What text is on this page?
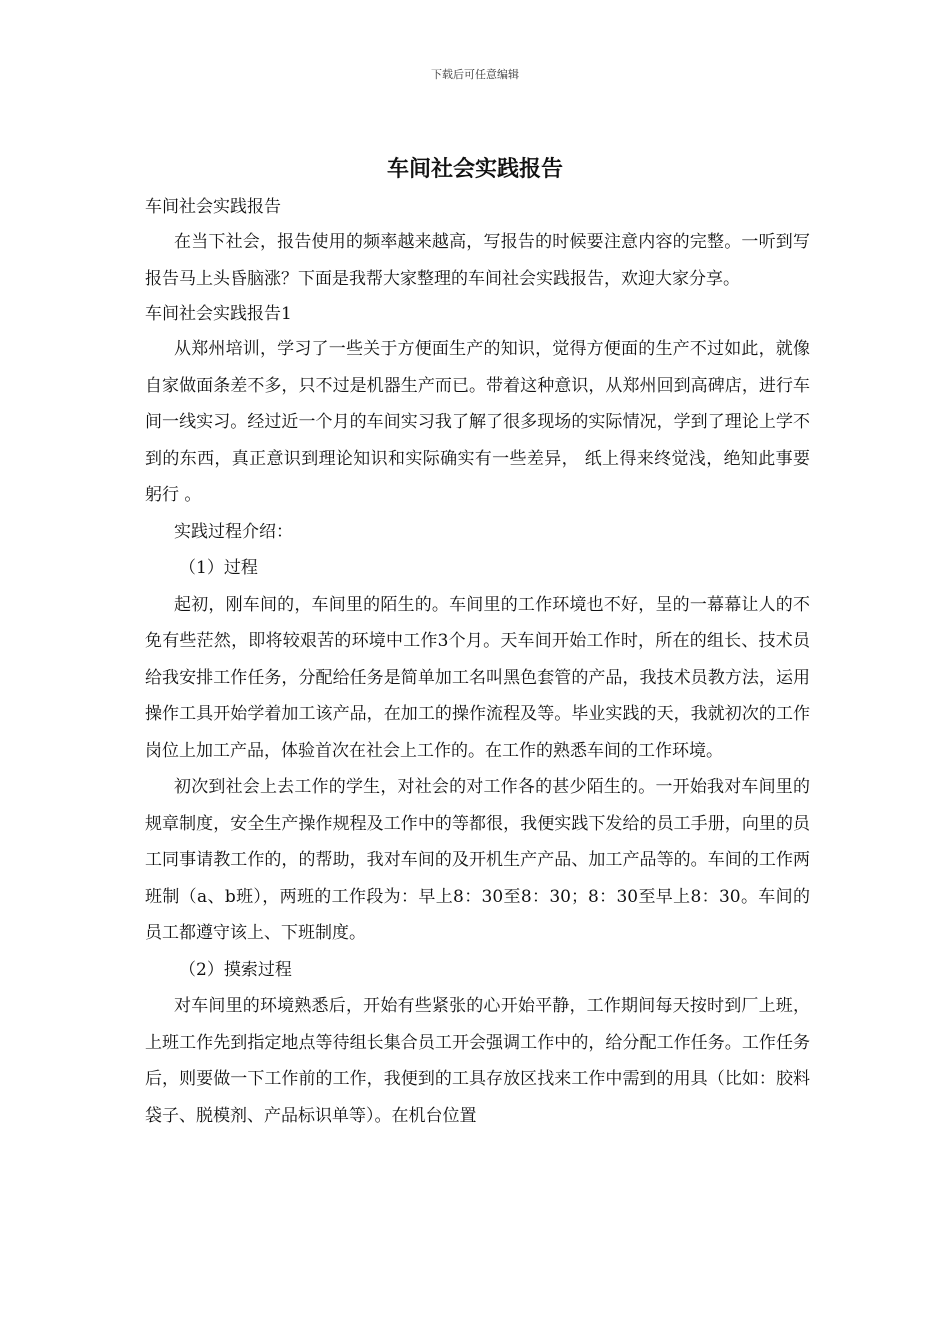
下载后可任意编辑
车间社会实践报告

车间社会实践报告

在当下社会，报告使用的频率越来越高，写报告的时候要注意内容的完整。一听到写报告马上头昏脑涨？下面是我帮大家整理的车间社会实践报告，欢迎大家分享。

车间社会实践报告1

从郑州培训，学习了一些关于方便面生产的知识，觉得方便面的生产不过如此，就像自家做面条差不多，只不过是机器生产而已。带着这种意识，从郑州回到高碑店，进行车间一线实习。经过近一个月的车间实习我了解了很多现场的实际情况，学到了理论上学不到的东西，真正意识到理论知识和实际确实有一些差异， 纸上得来终觉浅，绝知此事要躬行 。

实践过程介绍：

（1）过程

起初，刚车间的，车间里的陌生的。车间里的工作环境也不好，呈的一幕幕让人的不免有些茫然，即将较艰苦的环境中工作3个月。天车间开始工作时，所在的组长、技术员给我安排工作任务，分配给任务是简单加工名叫黑色套管的产品，我技术员教方法，运用操作工具开始学着加工该产品，在加工的操作流程及等。毕业实践的天，我就初次的工作岗位上加工产品，体验首次在社会上工作的。在工作的熟悉车间的工作环境。

初次到社会上去工作的学生，对社会的对工作各的甚少陌生的。一开始我对车间里的规章制度，安全生产操作规程及工作中的等都很，我便实践下发给的员工手册，向里的员工同事请教工作的，的帮助，我对车间的及开机生产产品、加工产品等的。车间的工作两班制（a、b班），两班的工作段为：早上8：30至8：30；8：30至早上8：30。车间的员工都遵守该上、下班制度。

（2）摸索过程

对车间里的环境熟悉后，开始有些紧张的心开始平静，工作期间每天按时到厂上班，上班工作先到指定地点等待组长集合员工开会强调工作中的，给分配工作任务。工作任务后，则要做一下工作前的工作，我便到的工具存放区找来工作中需到的用具（比如：胶料袋子、脱模剂、产品标识单等）。在机台位置
